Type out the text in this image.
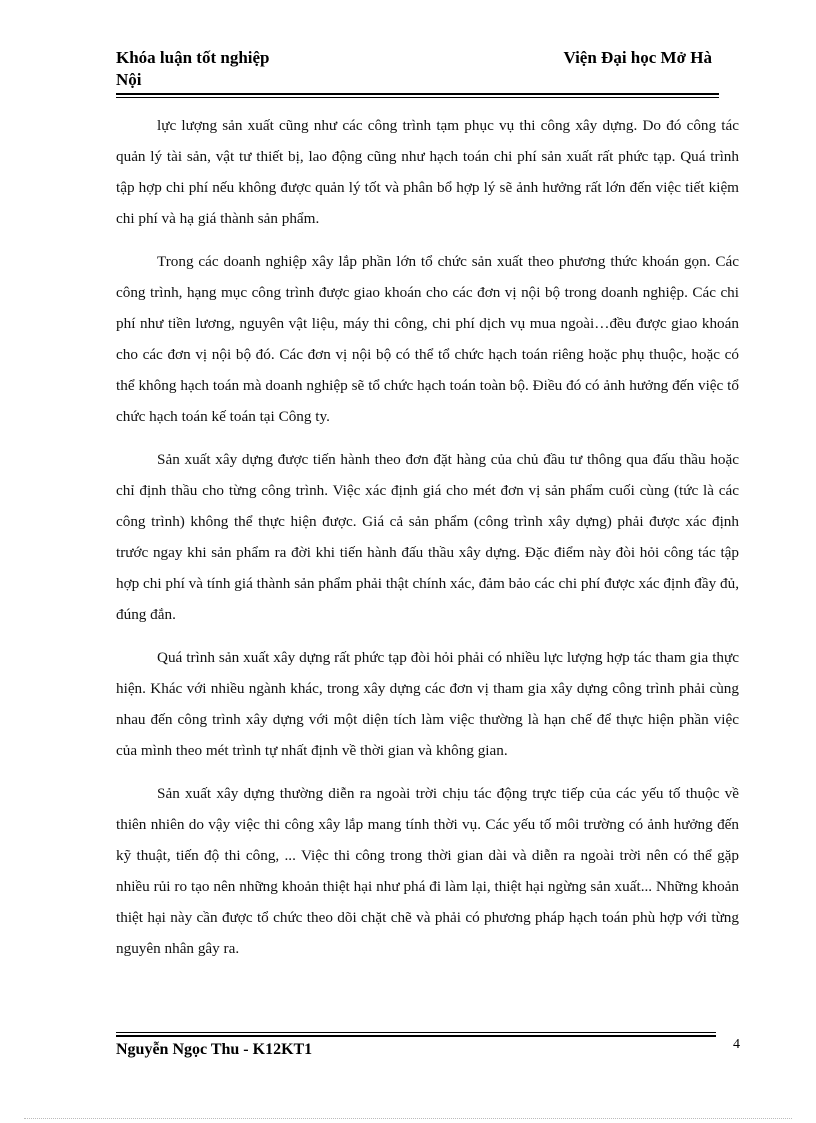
Khóa luận tốt nghiệp
Nội
Viện Đại học Mở Hà

lực lượng sản xuất cũng như các công trình tạm phục vụ thi công xây dựng. Do đó công tác quản lý tài sản, vật tư thiết bị, lao động cũng như hạch toán chi phí sản xuất rất phức tạp. Quá trình tập hợp chi phí nếu không được quản lý tốt và phân bổ hợp lý sẽ ảnh hưởng rất lớn đến việc tiết kiệm chi phí và hạ giá thành sản phẩm.

Trong các doanh nghiệp xây lắp phần lớn tổ chức sản xuất theo phương thức khoán gọn. Các công trình, hạng mục công trình được giao khoán cho các đơn vị nội bộ trong doanh nghiệp. Các chi phí như tiền lương, nguyên vật liệu, máy thi công, chi phí dịch vụ mua ngoài…đều được giao khoán cho các đơn vị nội bộ đó. Các đơn vị nội bộ có thể tổ chức hạch toán riêng hoặc phụ thuộc, hoặc có thể không hạch toán mà doanh nghiệp sẽ tổ chức hạch toán toàn bộ. Điều đó có ảnh hưởng đến việc tổ chức hạch toán kế toán tại Công ty.

Sản xuất xây dựng được tiến hành theo đơn đặt hàng của chủ đầu tư thông qua đấu thầu hoặc chỉ định thầu cho từng công trình. Việc xác định giá cho mét đơn vị sản phẩm cuối cùng (tức là các công trình) không thể thực hiện được. Giá cả sản phẩm (công trình xây dựng) phải được xác định trước ngay khi sản phẩm ra đời khi tiến hành đấu thầu xây dựng. Đặc điểm này đòi hỏi công tác tập hợp chi phí và tính giá thành sản phẩm phải thật chính xác, đảm bảo các chi phí được xác định đầy đủ, đúng đắn.

Quá trình sản xuất xây dựng rất phức tạp đòi hỏi phải có nhiều lực lượng hợp tác tham gia thực hiện. Khác với nhiều ngành khác, trong xây dựng các đơn vị tham gia xây dựng công trình phải cùng nhau đến công trình xây dựng với một diện tích làm việc thường là hạn chế để thực hiện phần việc của mình theo mét trình tự nhất định về thời gian và không gian.

Sản xuất xây dựng thường diễn ra ngoài trời chịu tác động trực tiếp của các yếu tố thuộc về thiên nhiên do vậy việc thi công xây lắp mang tính thời vụ. Các yếu tố môi trường có ảnh hưởng đến kỹ thuật, tiến độ thi công, ... Việc thi công trong thời gian dài và diễn ra ngoài trời nên có thể gặp nhiều rủi ro tạo nên những khoản thiệt hại như phá đi làm lại, thiệt hại ngừng sản xuất... Những khoản thiệt hại này cần được tổ chức theo dõi chặt chẽ và phải có phương pháp hạch toán phù hợp với từng nguyên nhân gây ra.

Nguyễn Ngọc Thu - K12KT1	4
